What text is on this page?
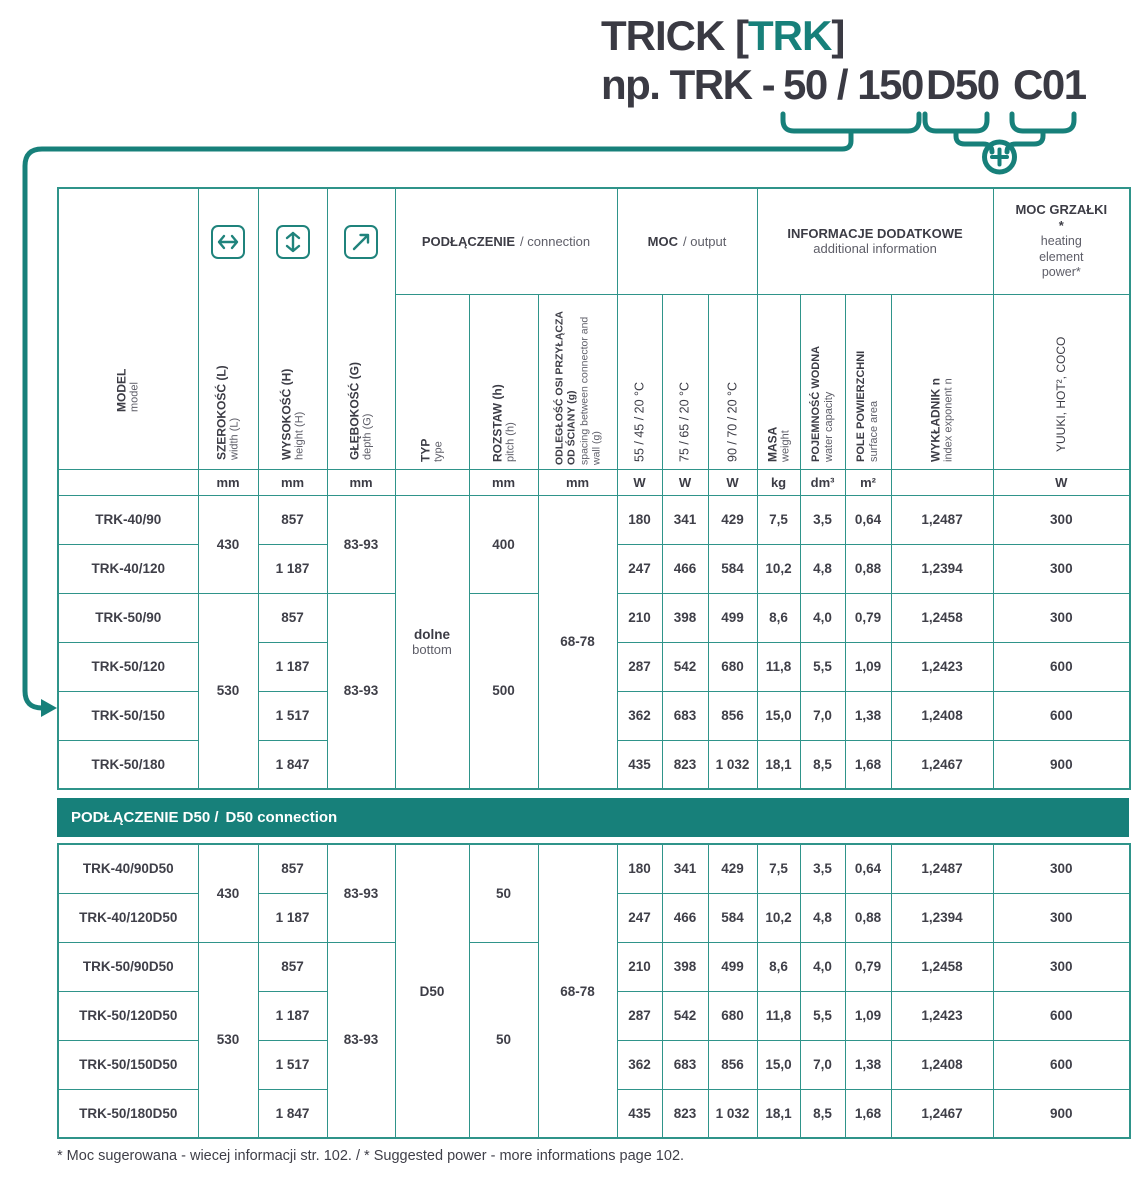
TRICK [TRK]
np. TRK - 50 / 150 D50 C01
MODEL model	SZEROKOŚĆ (L) width (L)	WYSOKOŚĆ (H) height (H)	GŁĘBOKOŚĆ (G) depth (G)	PODŁĄCZENIE / connection			MOC / output			INFORMACJE DODATKOWE
additional information				MOC GRZAŁKI *
heating element power*

				TYP type	ROZSTAW (h) pitch (h)	ODLEGŁOŚĆ OSI PRZYŁĄCZA OD ŚCIANY (g) spacing between connector and wall (g)	55 / 45 / 20 °C	75 / 65 / 20 °C	90 / 70 / 20 °C	MASA weight	POJEMNOŚĆ WODNA water capacity	POLE POWIERZCHNI surface area	WYKŁADNIK n index exponent n	YUUKI, HOT², COCO

	mm	mm	mm		mm	mm	W	W	W	kg	dm³	m²		W
TRK-40/90	430	857	83-93	dolne
bottom	400	68-78	180	341	429	7,5	3,5	0,64	1,2487	300
TRK-40/120		1 187					247	466	584	10,2	4,8	0,88	1,2394	300
TRK-50/90	530	857	83-93		500		210	398	499	8,6	4,0	0,79	1,2458	300
TRK-50/120		1 187					287	542	680	11,8	5,5	1,09	1,2423	600
TRK-50/150		1 517					362	683	856	15,0	7,0	1,38	1,2408	600
TRK-50/180		1 847					435	823	1 032	18,1	8,5	1,68	1,2467	900
PODŁĄCZENIE D50 / D50 connection
TRK-40/90D50	430	857	83-93	D50	50	68-78	180	341	429	7,5	3,5	0,64	1,2487	300
TRK-40/120D50		1 187					247	466	584	10,2	4,8	0,88	1,2394	300
TRK-50/90D50	530	857	83-93		50		210	398	499	8,6	4,0	0,79	1,2458	300
TRK-50/120D50		1 187					287	542	680	11,8	5,5	1,09	1,2423	600
TRK-50/150D50		1 517					362	683	856	15,0	7,0	1,38	1,2408	600
TRK-50/180D50		1 847					435	823	1 032	18,1	8,5	1,68	1,2467	900
* Moc sugerowana - wiecej informacji str. 102. / * Suggested power - more informations page 102.
